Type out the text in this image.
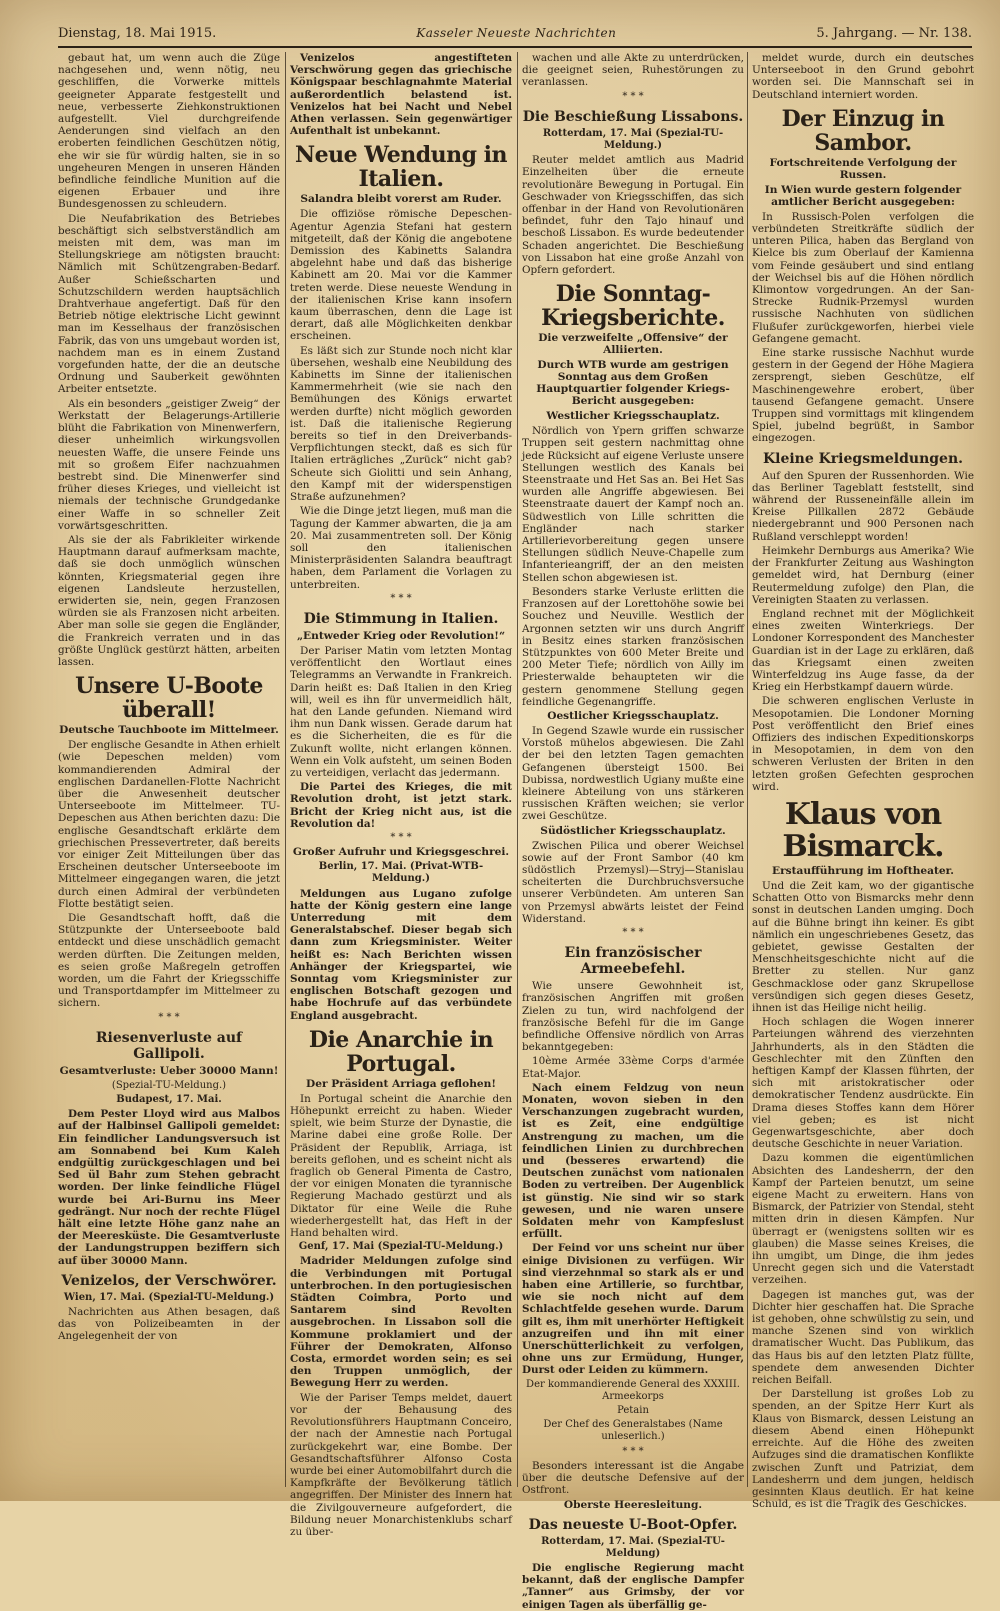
Dienstag, 18. Mai 1915.	Kasseler Neueste Nachrichten	5. Jahrgang. — Nr. 138.

gebaut hat, um wenn auch die Züge nachgesehen und, wenn nötig, neu geschliffen, die Vorwerke mittels geeigneter Apparate festgestellt und neue, verbesserte Ziehkonstruktionen aufgestellt. Viel durchgreifende Aenderungen sind vielfach an den eroberten feindlichen Geschützen nötig, ehe wir sie für würdig halten, sie in so ungeheuren Mengen in unseren Händen befindliche feindliche Munition auf die eigenen Erbauer und ihre Bundesgenossen zu schleudern.

Die Neufabrikation des Betriebes beschäftigt sich selbstverständlich am meisten mit dem, was man im Stellungskriege am nötigsten braucht: Nämlich mit Schützengraben-Bedarf. Außer Schießscharten und Schutzschildern werden hauptsächlich Drahtverhaue angefertigt. Daß für den Betrieb nötige elektrische Licht gewinnt man im Kesselhaus der französischen Fabrik, das von uns umgebaut worden ist, nachdem man es in einem Zustand vorgefunden hatte, der die an deutsche Ordnung und Sauberkeit gewöhnten Arbeiter entsetzte.

Als ein besonders „geistiger Zweig“ der Werkstatt der Belagerungs-Artillerie blüht die Fabrikation von Minenwerfern, dieser unheimlich wirkungsvollen neuesten Waffe, die unsere Feinde uns mit so großem Eifer nachzuahmen bestrebt sind. Die Minenwerfer sind früher dieses Krieges, und vielleicht ist niemals der technische Grundgedanke einer Waffe in so schneller Zeit vorwärtsgeschritten.

Als sie der als Fabrikleiter wirkende Hauptmann darauf aufmerksam machte, daß sie doch unmöglich wünschen könnten, Kriegsmaterial gegen ihre eigenen Landsleute herzustellen, erwiderten sie, nein, gegen Franzosen würden sie als Franzosen nicht arbeiten. Aber man solle sie gegen die Engländer, die Frankreich verraten und in das größte Unglück gestürzt hätten, arbeiten lassen.

Unsere U-Boote überall!
Deutsche Tauchboote im Mittelmeer.

Der englische Gesandte in Athen erhielt (wie Depeschen melden) vom kommandierenden Admiral der englischen Dardanellen-Flotte Nachricht über die Anwesenheit deutscher Unterseeboote im Mittelmeer. TU-Depeschen aus Athen berichten dazu: Die englische Gesandtschaft erklärte dem griechischen Pressevertreter, daß bereits vor einiger Zeit Mitteilungen über das Erscheinen deutscher Unterseeboote im Mittelmeer eingegangen waren, die jetzt durch einen Admiral der verbündeten Flotte bestätigt seien.

Die Gesandtschaft hofft, daß die Stützpunkte der Unterseeboote bald entdeckt und diese unschädlich gemacht werden dürften. Die Zeitungen melden, es seien große Maßregeln getroffen worden, um die Fahrt der Kriegsschiffe und Transportdampfer im Mittelmeer zu sichern.

* * *
Riesenverluste auf Gallipoli.
Gesamtverluste: Ueber 30000 Mann!
(Spezial-TU-Meldung.)
Budapest, 17. Mai.

Dem Pester Lloyd wird aus Malbos auf der Halbinsel Gallipoli gemeldet: Ein feindlicher Landungsversuch ist am Sonnabend bei Kum Kaleh endgültig zurückgeschlagen und bei Sed ül Bahr zum Stehen gebracht worden. Der linke feindliche Flügel wurde bei Ari-Burnu ins Meer gedrängt. Nur noch der rechte Flügel hält eine letzte Höhe ganz nahe an der Meeresküste. Die Gesamtverluste der Landungstruppen beziffern sich auf über 30000 Mann.

Venizelos, der Verschwörer.
Wien, 17. Mai. (Spezial-TU-Meldung.)

Nachrichten aus Athen besagen, daß das von Polizeibeamten in der Angelegenheit der von

Venizelos angestifteten Verschwörung gegen das griechische Königspaar beschlagnahmte Material außerordentlich belastend ist. Venizelos hat bei Nacht und Nebel Athen verlassen. Sein gegenwärtiger Aufenthalt ist unbekannt.

Neue Wendung in Italien.
Salandra bleibt vorerst am Ruder.

Die offiziöse römische Depeschen-Agentur Agenzia Stefani hat gestern mitgeteilt, daß der König die angebotene Demission des Kabinetts Salandra abgelehnt habe und daß das bisherige Kabinett am 20. Mai vor die Kammer treten werde. Diese neueste Wendung in der italienischen Krise kann insofern kaum überraschen, denn die Lage ist derart, daß alle Möglichkeiten denkbar erscheinen.

Es läßt sich zur Stunde noch nicht klar übersehen, weshalb eine Neubildung des Kabinetts im Sinne der italienischen Kammermehrheit (wie sie nach den Bemühungen des Königs erwartet werden durfte) nicht möglich geworden ist. Daß die italienische Regierung bereits so tief in den Dreiverbands-Verpflichtungen steckt, daß es sich für Italien erträgliches „Zurück“ nicht gab? Scheute sich Giolitti und sein Anhang, den Kampf mit der widerspenstigen Straße aufzunehmen?

Wie die Dinge jetzt liegen, muß man die Tagung der Kammer abwarten, die ja am 20. Mai zusammentreten soll. Der König soll den italienischen Ministerpräsidenten Salandra beauftragt haben, dem Parlament die Vorlagen zu unterbreiten.

* * *
Die Stimmung in Italien.
„Entweder Krieg oder Revolution!“

Der Pariser Matin vom letzten Montag veröffentlicht den Wortlaut eines Telegramms an Verwandte in Frankreich. Darin heißt es: Daß Italien in den Krieg will, weil es ihn für unvermeidlich hält, hat den Lande gefunden. Niemand wird ihm nun Dank wissen. Gerade darum hat es die Sicherheiten, die es für die Zukunft wollte, nicht erlangen können. Wenn ein Volk aufsteht, um seinen Boden zu verteidigen, verlacht das jedermann.

Die Partei des Krieges, die mit Revolution droht, ist jetzt stark. Bricht der Krieg nicht aus, ist die Revolution da!

* * *
Großer Aufruhr und Kriegsgeschrei.
Berlin, 17. Mai. (Privat-WTB-Meldung.)

Meldungen aus Lugano zufolge hatte der König gestern eine lange Unterredung mit dem Generalstabschef. Dieser begab sich dann zum Kriegsminister. Weiter heißt es: Nach Berichten wissen Anhänger der Kriegspartei, wie Sonntag vom Kriegsminister zur englischen Botschaft gezogen und habe Hochrufe auf das verbündete England ausgebracht.

Die Anarchie in Portugal.
Der Präsident Arriaga geflohen!

In Portugal scheint die Anarchie den Höhepunkt erreicht zu haben. Wieder spielt, wie beim Sturze der Dynastie, die Marine dabei eine große Rolle. Der Präsident der Republik, Arriaga, ist bereits geflohen, und es scheint nicht als fraglich ob General Pimenta de Castro, der vor einigen Monaten die tyrannische Regierung Machado gestürzt und als Diktator für eine Weile die Ruhe wiederhergestellt hat, das Heft in der Hand behalten wird.

Genf, 17. Mai (Spezial-TU-Meldung.)

Madrider Meldungen zufolge sind die Verbindungen mit Portugal unterbrochen. In den portugiesischen Städten Coimbra, Porto und Santarem sind Revolten ausgebrochen. In Lissabon soll die Kommune proklamiert und der Führer der Demokraten, Alfonso Costa, ermordet worden sein; es sei den Truppen unmöglich, der Bewegung Herr zu werden.

Wie der Pariser Temps meldet, dauert vor der Behausung des Revolutionsführers Hauptmann Conceiro, der nach der Amnestie nach Portugal zurückgekehrt war, eine Bombe. Der Gesandtschaftsführer Alfonso Costa wurde bei einer Automobilfahrt durch die Kampfkräfte der Bevölkerung tätlich angegriffen. Der Minister des Innern hat die Zivilgouverneure aufgefordert, die Bildung neuer Monarchistenklubs scharf zu über-

wachen und alle Akte zu unterdrücken, die geeignet seien, Ruhestörungen zu veranlassen.

* * *
Die Beschießung Lissabons.
Rotterdam, 17. Mai (Spezial-TU-Meldung.)

Reuter meldet amtlich aus Madrid Einzelheiten über die erneute revolutionäre Bewegung in Portugal. Ein Geschwader von Kriegsschiffen, das sich offenbar in der Hand von Revolutionären befindet, fuhr den Tajo hinauf und beschoß Lissabon. Es wurde bedeutender Schaden angerichtet. Die Beschießung von Lissabon hat eine große Anzahl von Opfern gefordert.

Die Sonntag-Kriegsberichte.
Die verzweifelte „Offensive“ der Alliierten.
Durch WTB wurde am gestrigen Sonntag aus dem Großen Hauptquartier folgender Kriegs-Bericht ausgegeben:
Westlicher Kriegsschauplatz.

Nördlich von Ypern griffen schwarze Truppen seit gestern nachmittag ohne jede Rücksicht auf eigene Verluste unsere Stellungen westlich des Kanals bei Steenstraate und Het Sas an. Bei Het Sas wurden alle Angriffe abgewiesen. Bei Steenstraate dauert der Kampf noch an. Südwestlich von Lille schritten die Engländer nach starker Artillerievorbereitung gegen unsere Stellungen südlich Neuve-Chapelle zum Infanterieangriff, der an den meisten Stellen schon abgewiesen ist.

Besonders starke Verluste erlitten die Franzosen auf der Lorettohöhe sowie bei Souchez und Neuville. Westlich der Argonnen setzten wir uns durch Angriff in Besitz eines starken französischen Stützpunktes von 600 Meter Breite und 200 Meter Tiefe; nördlich von Ailly im Priesterwalde behaupteten wir die gestern genommene Stellung gegen feindliche Gegenangriffe.

Oestlicher Kriegsschauplatz.

In Gegend Szawle wurde ein russischer Vorstoß mühelos abgewiesen. Die Zahl der bei den letzten Tagen gemachten Gefangenen übersteigt 1500. Bei Dubissa, nordwestlich Ugiany mußte eine kleinere Abteilung von uns stärkeren russischen Kräften weichen; sie verlor zwei Geschütze.

Südöstlicher Kriegsschauplatz.

Zwischen Pilica und oberer Weichsel sowie auf der Front Sambor (40 km südöstlich Przemysl)—Stryj—Stanislau scheiterten die Durchbruchsversuche unserer Verbündeten. Am unteren San von Przemysl abwärts leistet der Feind Widerstand.

* * *
Ein französischer Armeebefehl.

Wie unsere Gewohnheit ist, französischen Angriffen mit großen Zielen zu tun, wird nachfolgend der französische Befehl für die im Gange befindliche Offensive nördlich von Arras bekanntgegeben:

10ème Armée 33ème Corps d'armée Etat-Major.

Nach einem Feldzug von neun Monaten, wovon sieben in den Verschanzungen zugebracht wurden, ist es Zeit, eine endgültige Anstrengung zu machen, um die feindlichen Linien zu durchbrechen und (besseres erwartend) die Deutschen zunächst vom nationalen Boden zu vertreiben. Der Augenblick ist günstig. Nie sind wir so stark gewesen, und nie waren unsere Soldaten mehr von Kampfeslust erfüllt.

Der Feind vor uns scheint nur über einige Divisionen zu verfügen. Wir sind vierzehnmal so stark als er und haben eine Artillerie, so furchtbar, wie sie noch nicht auf dem Schlachtfelde gesehen wurde. Darum gilt es, ihm mit unerhörter Heftigkeit anzugreifen und ihn mit einer Unerschütterlichkeit zu verfolgen, ohne uns zur Ermüdung, Hunger, Durst oder Leiden zu kümmern.

Der kommandierende General des XXXIII. Armeekorps
Petain
Der Chef des Generalstabes (Name unleserlich.)
* * *

Besonders interessant ist die Angabe über die deutsche Defensive auf der Ostfront.

Oberste Heeresleitung.
Das neueste U-Boot-Opfer.
Rotterdam, 17. Mai. (Spezial-TU-Meldung)

Die englische Regierung macht bekannt, daß der englische Dampfer „Tanner“ aus Grimsby, der vor einigen Tagen als überfällig ge-

meldet wurde, durch ein deutsches Unterseeboot in den Grund gebohrt worden sei. Die Mannschaft sei in Deutschland interniert worden.

Der Einzug in Sambor.
Fortschreitende Verfolgung der Russen.
In Wien wurde gestern folgender amtlicher Bericht ausgegeben:

In Russisch-Polen verfolgen die verbündeten Streitkräfte südlich der unteren Pilica, haben das Bergland von Kielce bis zum Oberlauf der Kamienna vom Feinde gesäubert und sind entlang der Weichsel bis auf die Höhen nördlich Klimontow vorgedrungen. An der San-Strecke Rudnik-Przemysl wurden russische Nachhuten von südlichen Flußufer zurückgeworfen, hierbei viele Gefangene gemacht.

Eine starke russische Nachhut wurde gestern in der Gegend der Höhe Magiera zersprengt, sieben Geschütze, elf Maschinengewehre erobert, über tausend Gefangene gemacht. Unsere Truppen sind vormittags mit klingendem Spiel, jubelnd begrüßt, in Sambor eingezogen.

Kleine Kriegsmeldungen.

Auf den Spuren der Russenhorden. Wie das Berliner Tageblatt feststellt, sind während der Russeneinfälle allein im Kreise Pillkallen 2872 Gebäude niedergebrannt und 900 Personen nach Rußland verschleppt worden!

Heimkehr Dernburgs aus Amerika? Wie der Frankfurter Zeitung aus Washington gemeldet wird, hat Dernburg (einer Reutermeldung zufolge) den Plan, die Vereinigten Staaten zu verlassen.

England rechnet mit der Möglichkeit eines zweiten Winterkriegs. Der Londoner Korrespondent des Manchester Guardian ist in der Lage zu erklären, daß das Kriegsamt einen zweiten Winterfeldzug ins Auge fasse, da der Krieg ein Herbstkampf dauern würde.

Die schweren englischen Verluste in Mesopotamien. Die Londoner Morning Post veröffentlicht den Brief eines Offiziers des indischen Expeditionskorps in Mesopotamien, in dem von den schweren Verlusten der Briten in den letzten großen Gefechten gesprochen wird.

Klaus von Bismarck.
Erstaufführung im Hoftheater.

Und die Zeit kam, wo der gigantische Schatten Otto von Bismarcks mehr denn sonst in deutschen Landen umging. Doch auf die Bühne bringt ihn keiner. Es gibt nämlich ein ungeschriebenes Gesetz, das gebietet, gewisse Gestalten der Menschheitsgeschichte nicht auf die Bretter zu stellen. Nur ganz Geschmacklose oder ganz Skrupellose versündigen sich gegen dieses Gesetz, ihnen ist das Heilige nicht heilig.

Hoch schlagen die Wogen innerer Parteiungen während des vierzehnten Jahrhunderts, als in den Städten die Geschlechter mit den Zünften den heftigen Kampf der Klassen führten, der sich mit aristokratischer oder demokratischer Tendenz ausdrückte. Ein Drama dieses Stoffes kann dem Hörer viel geben; es ist nicht Gegenwartsgeschichte, aber doch deutsche Geschichte in neuer Variation.

Dazu kommen die eigentümlichen Absichten des Landesherrn, der den Kampf der Parteien benutzt, um seine eigene Macht zu erweitern. Hans von Bismarck, der Patrizier von Stendal, steht mitten drin in diesen Kämpfen. Nur überragt er (wenigstens sollten wir es glauben) die Masse seines Kreises, die ihn umgibt, um Dinge, die ihm jedes Unrecht gegen sich und die Vaterstadt verzeihen.

Dagegen ist manches gut, was der Dichter hier geschaffen hat. Die Sprache ist gehoben, ohne schwülstig zu sein, und manche Szenen sind von wirklich dramatischer Wucht. Das Publikum, das das Haus bis auf den letzten Platz füllte, spendete dem anwesenden Dichter reichen Beifall.

Der Darstellung ist großes Lob zu spenden, an der Spitze Herr Kurt als Klaus von Bismarck, dessen Leistung an diesem Abend einen Höhepunkt erreichte. Auf die Höhe des zweiten Aufzuges sind die dramatischen Konflikte zwischen Zunft und Patriziat, dem Landesherrn und dem jungen, heldisch gesinnten Klaus deutlich. Er hat keine Schuld, es ist die Tragik des Geschickes.
